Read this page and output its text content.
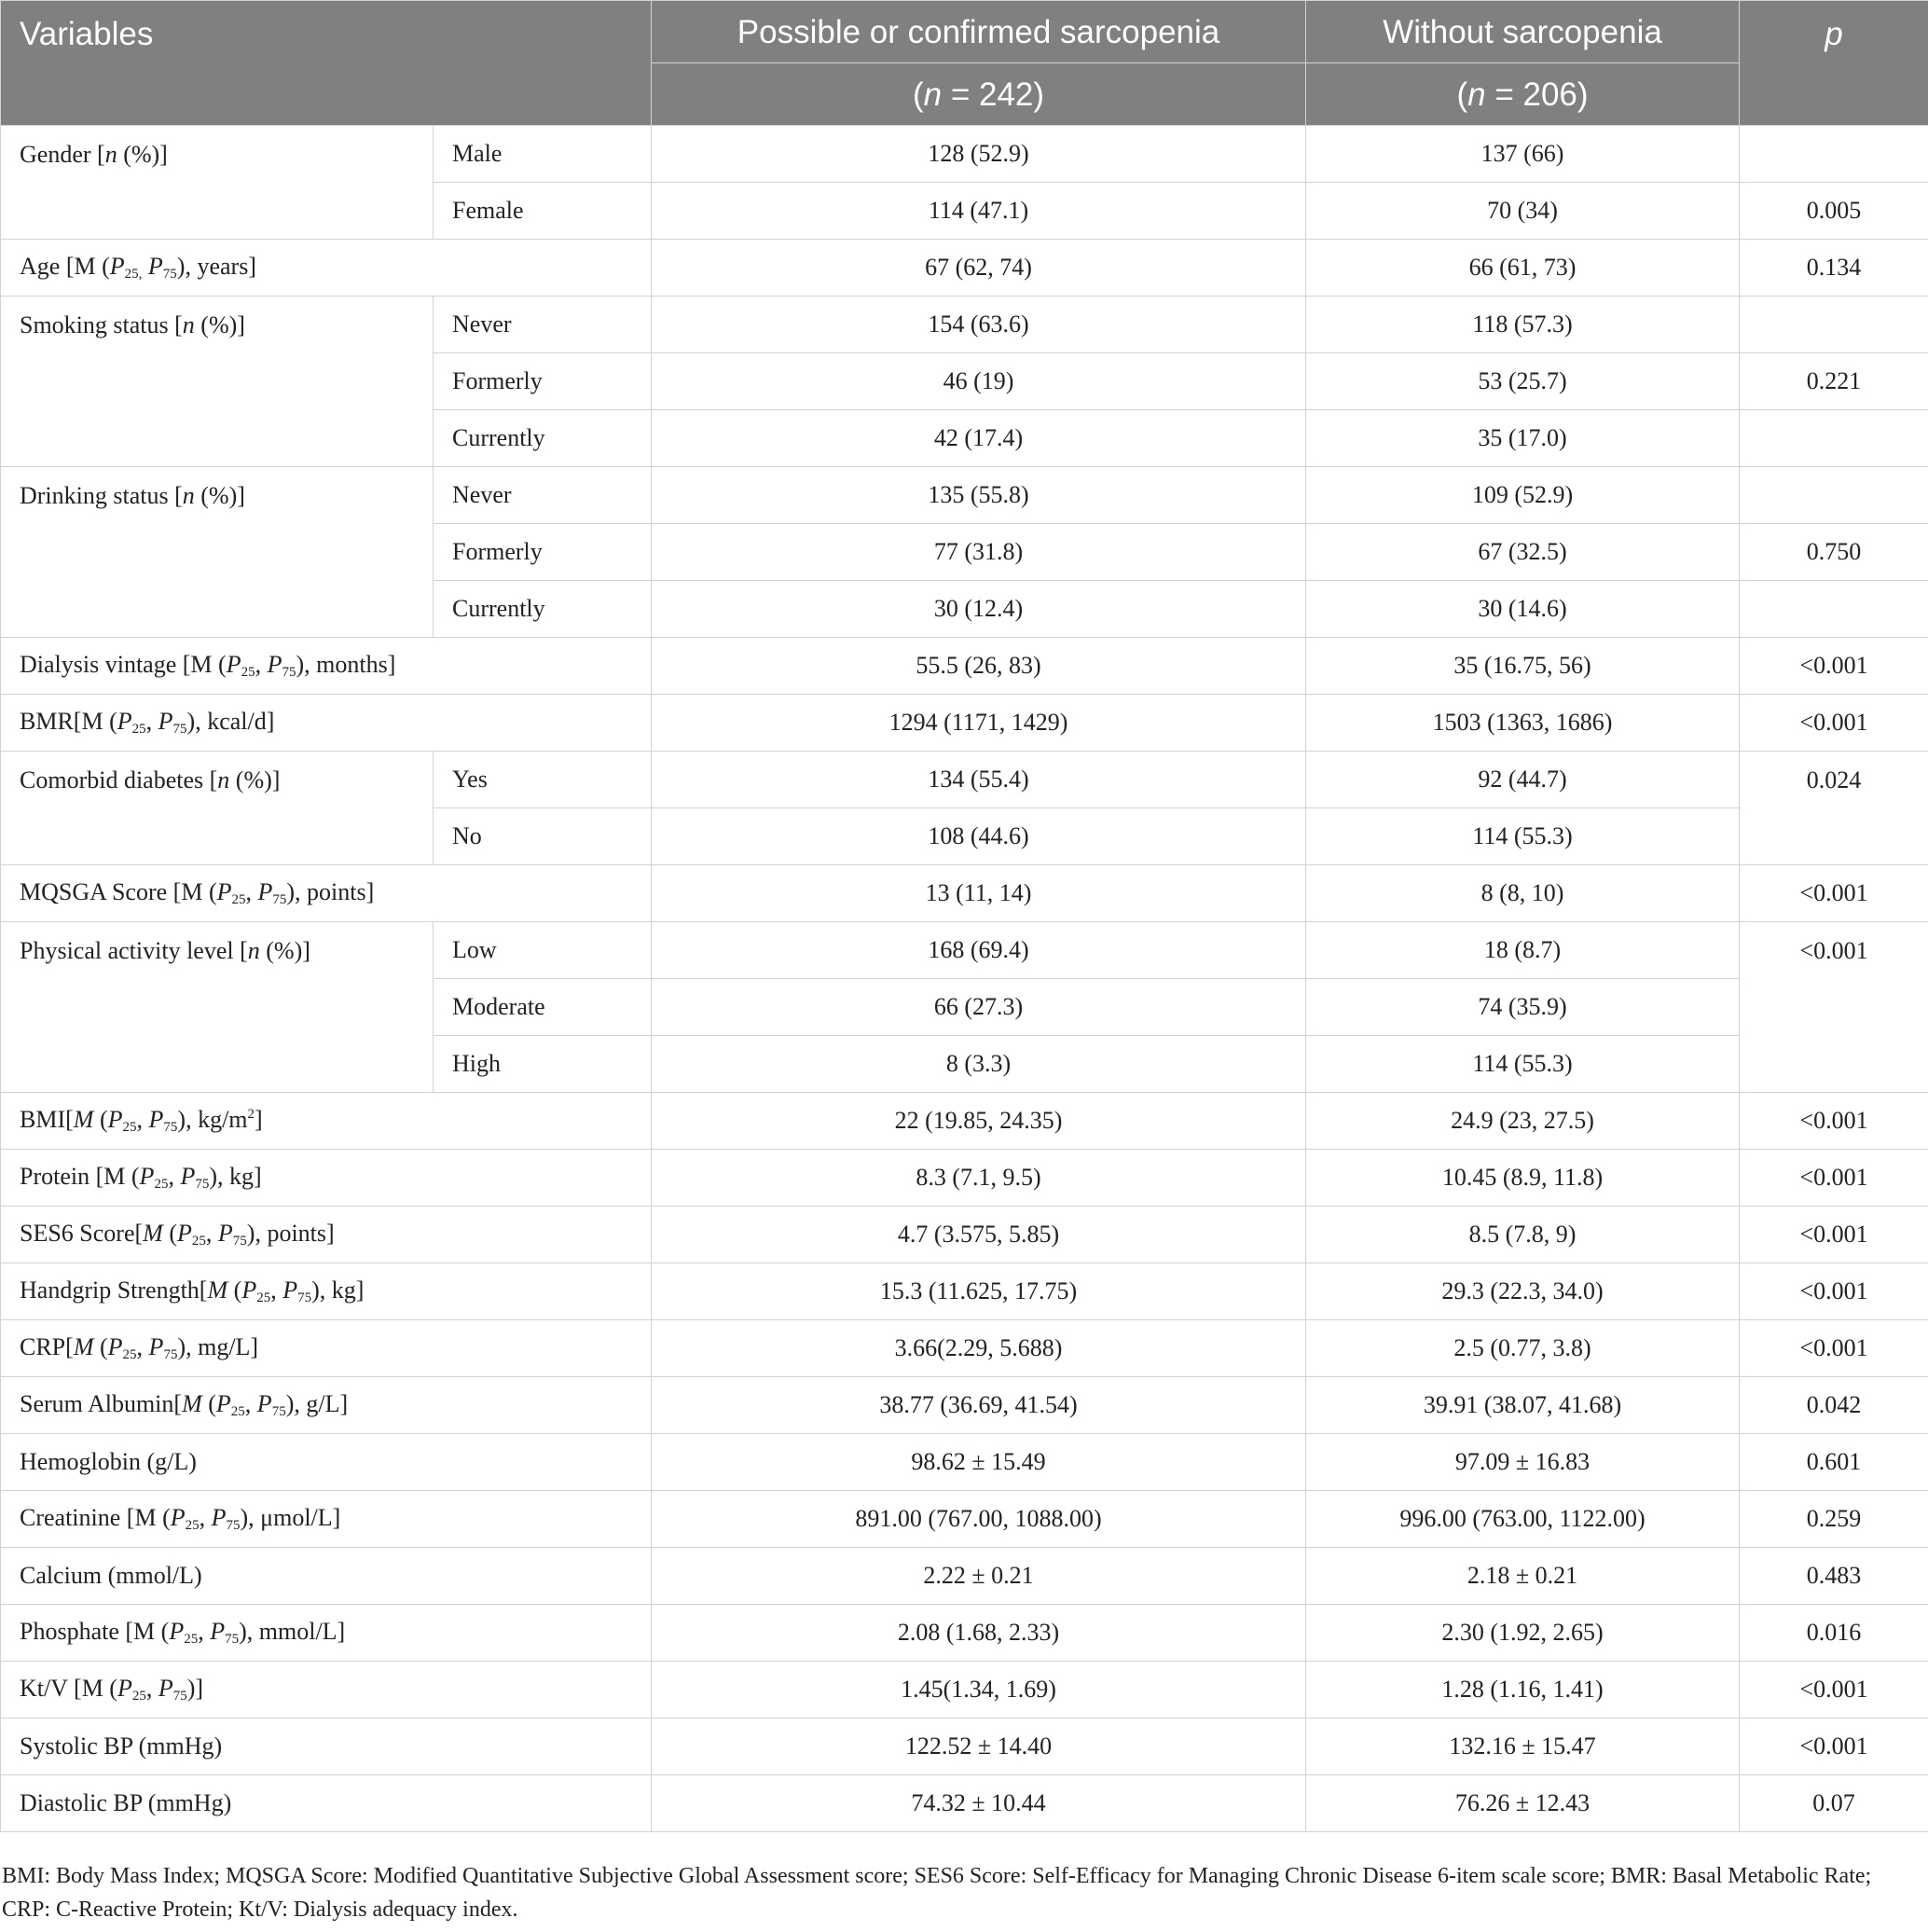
Variables		Possible or confirmed sarcopenia	Without sarcopenia	p
		(n = 242)	(n = 206)	
Gender [n (%)]	Male	128 (52.9)	137 (66)	
	Female	114 (47.1)	70 (34)	0.005
Age [M ($P_{25,}$ $P_{75}$), years]		67 (62, 74)	66 (61, 73)	0.134
Smoking status [n (%)]	Never	154 (63.6)	118 (57.3)	
	Formerly	46 (19)	53 (25.7)	0.221
	Currently	42 (17.4)	35 (17.0)	
Drinking status [n (%)]	Never	135 (55.8)	109 (52.9)	
	Formerly	77 (31.8)	67 (32.5)	0.750
	Currently	30 (12.4)	30 (14.6)	
Dialysis vintage [M ($P_{25}$, $P_{75}$), months]		55.5 (26, 83)	35 (16.75, 56)	<0.001
BMR[M ($P_{25}$, $P_{75}$), kcal/d]		1294 (1171, 1429)	1503 (1363, 1686)	<0.001
Comorbid diabetes [n (%)]	Yes	134 (55.4)	92 (44.7)	0.024
	No	108 (44.6)	114 (55.3)	
MQSGA Score [M ($P_{25}$, $P_{75}$), points]		13 (11, 14)	8 (8, 10)	<0.001
Physical activity level [n (%)]	Low	168 (69.4)	18 (8.7)	<0.001
	Moderate	66 (27.3)	74 (35.9)	
	High	8 (3.3)	114 (55.3)	
BMI[M ($P_{25}$, $P_{75}$), $kg/m^2$]		22 (19.85, 24.35)	24.9 (23, 27.5)	<0.001
Protein [M ($P_{25}$, $P_{75}$), kg]		8.3 (7.1, 9.5)	10.45 (8.9, 11.8)	<0.001
SES6 Score[M ($P_{25}$, $P_{75}$), points]		4.7 (3.575, 5.85)	8.5 (7.8, 9)	<0.001
Handgrip Strength[M ($P_{25}$, $P_{75}$), kg]		15.3 (11.625, 17.75)	29.3 (22.3, 34.0)	<0.001
CRP[M ($P_{25}$, $P_{75}$), mg/L]		3.66(2.29, 5.688)	2.5 (0.77, 3.8)	<0.001
Serum Albumin[M ($P_{25}$, $P_{75}$), g/L]		38.77 (36.69, 41.54)	39.91 (38.07, 41.68)	0.042
Hemoglobin (g/L)		98.62 ± 15.49	97.09 ± 16.83	0.601
Creatinine [M ($P_{25}$, $P_{75}$), μmol/L]		891.00 (767.00, 1088.00)	996.00 (763.00, 1122.00)	0.259
Calcium (mmol/L)		2.22 ± 0.21	2.18 ± 0.21	0.483
Phosphate [M ($P_{25}$, $P_{75}$), mmol/L]		2.08 (1.68, 2.33)	2.30 (1.92, 2.65)	0.016
Kt/V [M ($P_{25}$, $P_{75}$)]		1.45(1.34, 1.69)	1.28 (1.16, 1.41)	<0.001
Systolic BP (mmHg)		122.52 ± 14.40	132.16 ± 15.47	<0.001
Diastolic BP (mmHg)		74.32 ± 10.44	76.26 ± 12.43	0.07
BMI: Body Mass Index; MQSGA Score: Modified Quantitative Subjective Global Assessment score; SES6 Score: Self-Efficacy for Managing Chronic Disease 6-item scale score; BMR: Basal Metabolic Rate; CRP: C-Reactive Protein; Kt/V: Dialysis adequacy index.
